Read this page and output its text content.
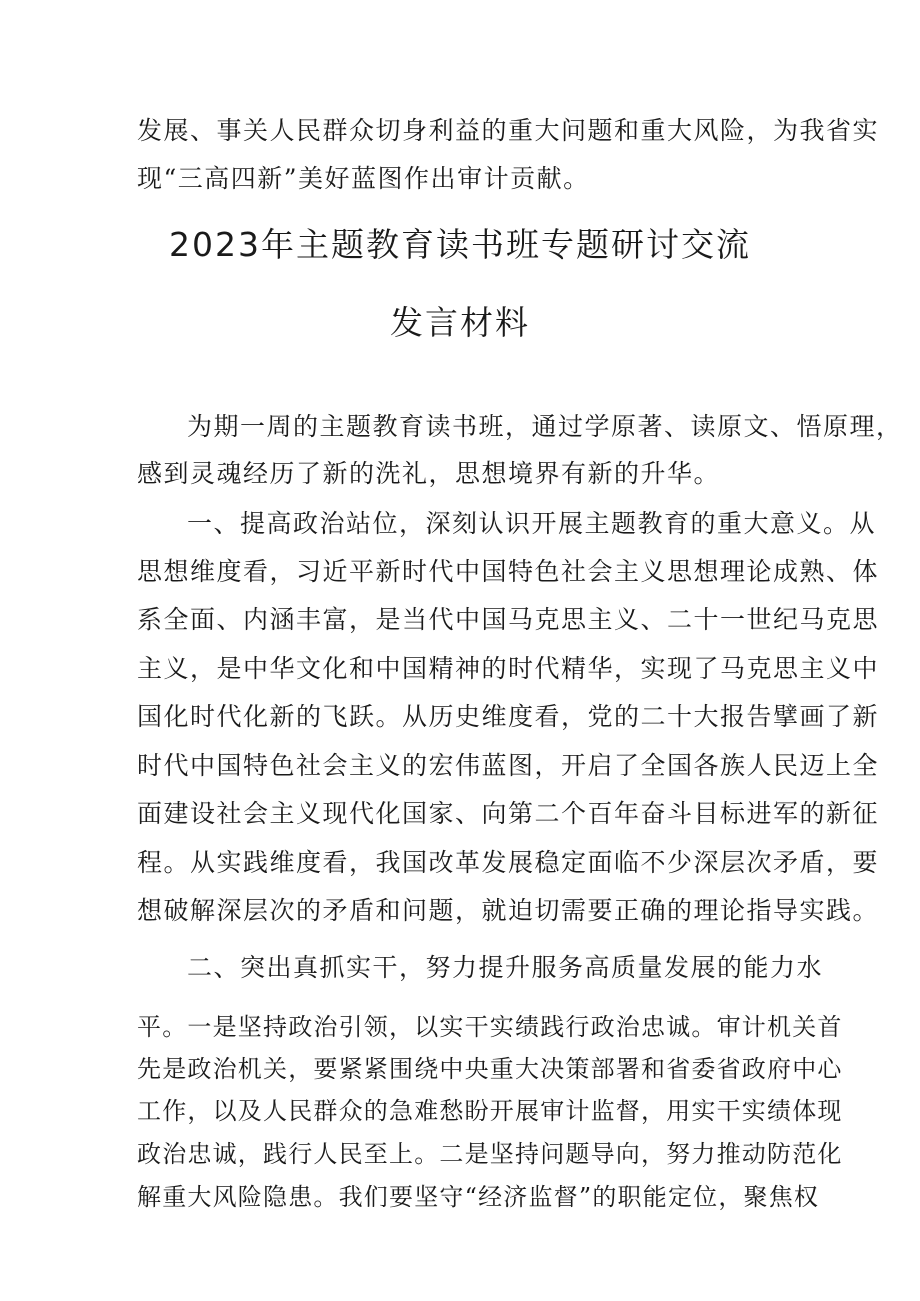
发展、事关人民群众切身利益的重大问题和重大风险，为我省实
现“三高四新”美好蓝图作出审计贡献。
2023年主题教育读书班专题研讨交流
发言材料
为期一周的主题教育读书班，通过学原著、读原文、悟原理，
感到灵魂经历了新的洗礼，思想境界有新的升华。
一、提高政治站位，深刻认识开展主题教育的重大意义。从
思想维度看，习近平新时代中国特色社会主义思想理论成熟、体
系全面、内涵丰富，是当代中国马克思主义、二十一世纪马克思
主义，是中华文化和中国精神的时代精华，实现了马克思主义中
国化时代化新的飞跃。从历史维度看，党的二十大报告擘画了新
时代中国特色社会主义的宏伟蓝图，开启了全国各族人民迈上全
面建设社会主义现代化国家、向第二个百年奋斗目标进军的新征
程。从实践维度看，我国改革发展稳定面临不少深层次矛盾，要
想破解深层次的矛盾和问题，就迫切需要正确的理论指导实践。
二、突出真抓实干，努力提升服务高质量发展的能力水
平。一是坚持政治引领，以实干实绩践行政治忠诚。审计机关首
先是政治机关，要紧紧围绕中央重大决策部署和省委省政府中心
工作，以及人民群众的急难愁盼开展审计监督，用实干实绩体现
政治忠诚，践行人民至上。二是坚持问题导向，努力推动防范化
解重大风险隐患。我们要坚守“经济监督”的职能定位，聚焦权
